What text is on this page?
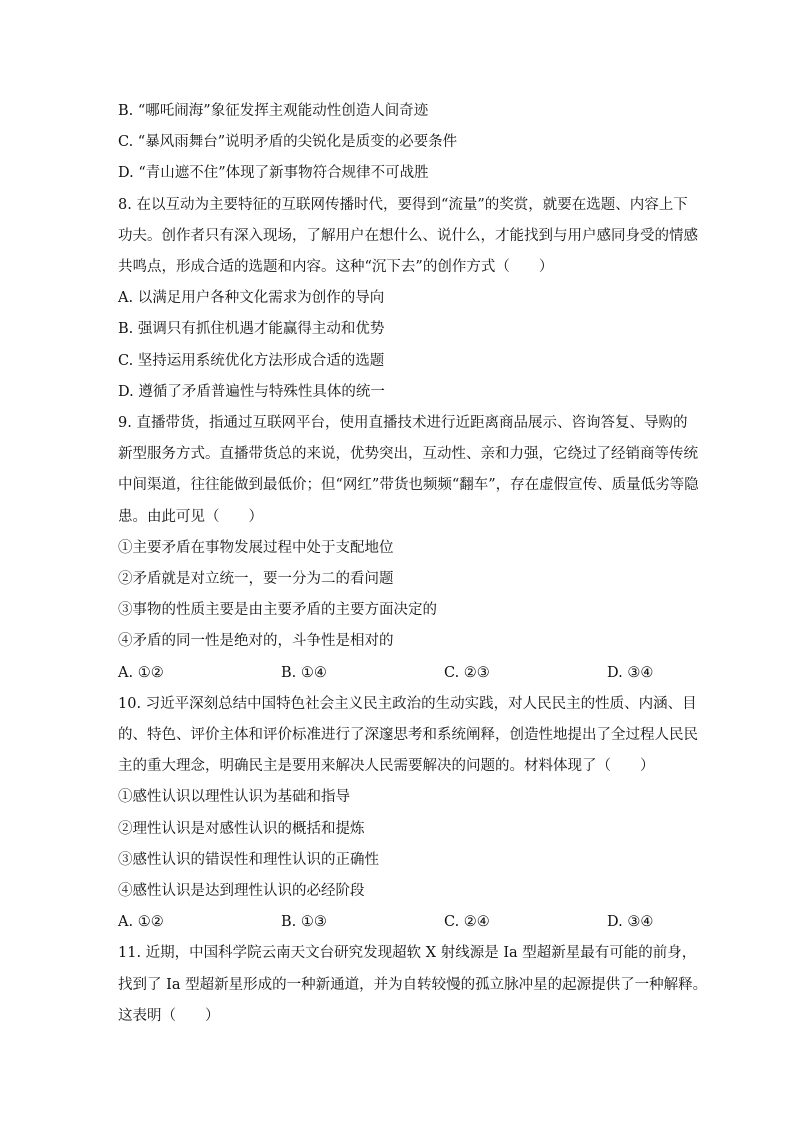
B. “哪吒闹海”象征发挥主观能动性创造人间奇迹
C. “暴风雨舞台”说明矛盾的尖锐化是质变的必要条件
D. “青山遮不住”体现了新事物符合规律不可战胜
8. 在以互动为主要特征的互联网传播时代，要得到“流量”的奖赏，就要在选题、内容上下
功夫。创作者只有深入现场，了解用户在想什么、说什么，才能找到与用户感同身受的情感
共鸣点，形成合适的选题和内容。这种“沉下去”的创作方式（　　）
A. 以满足用户各种文化需求为创作的导向
B. 强调只有抓住机遇才能赢得主动和优势
C. 坚持运用系统优化方法形成合适的选题
D. 遵循了矛盾普遍性与特殊性具体的统一
9. 直播带货，指通过互联网平台，使用直播技术进行近距离商品展示、咨询答复、导购的
新型服务方式。直播带货总的来说，优势突出，互动性、亲和力强，它绕过了经销商等传统
中间渠道，往往能做到最低价；但“网红”带货也频频“翻车”，存在虚假宣传、质量低劣等隐
患。由此可见（　　）
①主要矛盾在事物发展过程中处于支配地位
②矛盾就是对立统一，要一分为二的看问题
③事物的性质主要是由主要矛盾的主要方面决定的
④矛盾的同一性是绝对的，斗争性是相对的
A. ①②	B. ①④	C. ②③	D. ③④
10. 习近平深刻总结中国特色社会主义民主政治的生动实践，对人民民主的性质、内涵、目
的、特色、评价主体和评价标准进行了深邃思考和系统阐释，创造性地提出了全过程人民民
主的重大理念，明确民主是要用来解决人民需要解决的问题的。材料体现了（　　）
①感性认识以理性认识为基础和指导
②理性认识是对感性认识的概括和提炼
③感性认识的错误性和理性认识的正确性
④感性认识是达到理性认识的必经阶段
A. ①②	B. ①③	C. ②④	D. ③④
11. 近期，中国科学院云南天文台研究发现超软 X 射线源是 Ia 型超新星最有可能的前身，
找到了 Ia 型超新星形成的一种新通道，并为自转较慢的孤立脉冲星的起源提供了一种解释。
这表明（　　）
